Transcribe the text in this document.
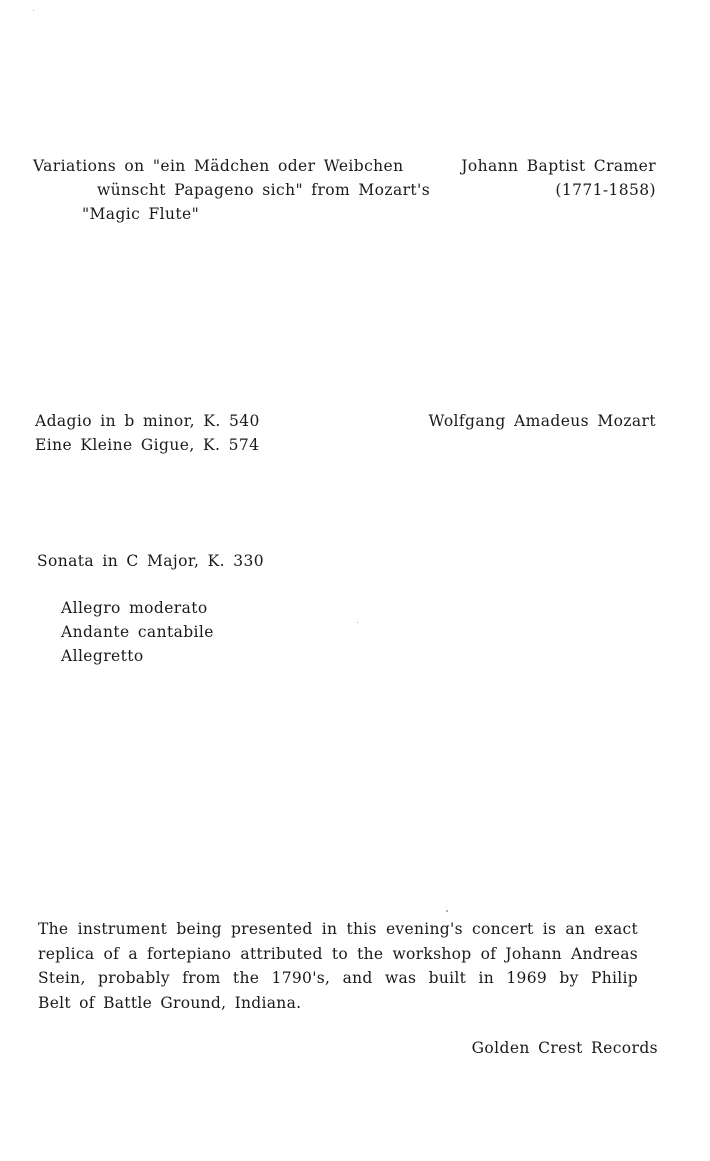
Variations on "ein Mädchen oder Weibchen
wünscht Papageno sich" from Mozart's
"Magic Flute"
Johann Baptist Cramer
(1771-1858)
Adagio in b minor, K. 540
Eine Kleine Gigue, K. 574
Wolfgang Amadeus Mozart
Sonata in C Major, K. 330
Allegro moderato
Andante cantabile
Allegretto
The instrument being presented in this evening's concert is an exact
replica of a fortepiano attributed to the workshop of Johann Andreas
Stein, probably from the 1790's, and was built in 1969 by Philip
Belt of Battle Ground, Indiana.
Golden Crest Records
